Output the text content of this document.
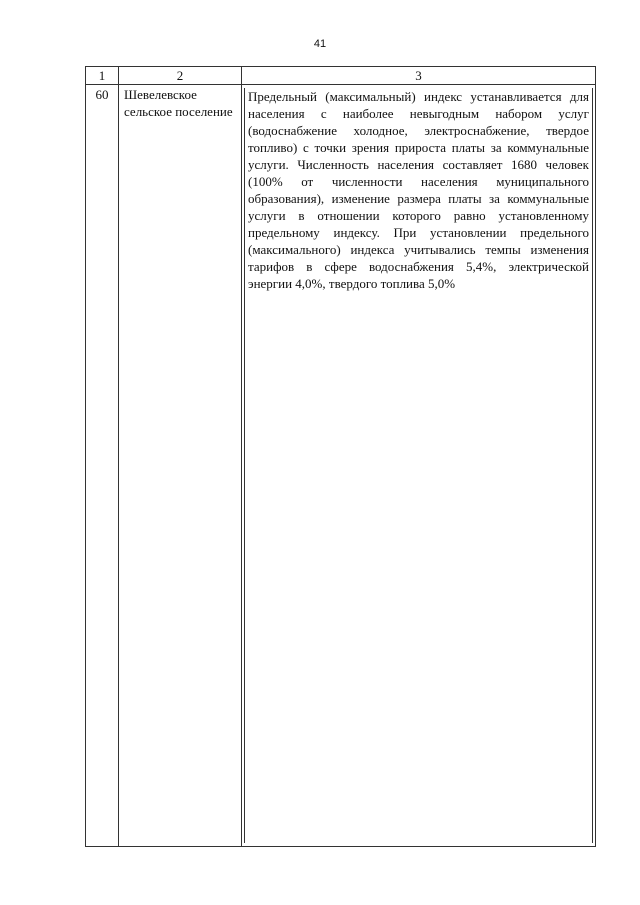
41
1	2	3
60	Шевелевское сельское поселение	Предельный (максимальный) индекс устанавливается для населения с наиболее невыгодным набором услуг (водоснабжение холодное, электроснабжение, твердое топливо) с точки зрения прироста платы за коммунальные услуги. Численность населения составляет 1680 человек (100% от численности населения муниципального образования), изменение размера платы за коммунальные услуги в отношении которого равно установленному предельному индексу. При установлении предельного (максимального) индекса учитывались темпы изменения тарифов в сфере водоснабжения 5,4%, электрической энергии 4,0%, твердого топлива 5,0%
